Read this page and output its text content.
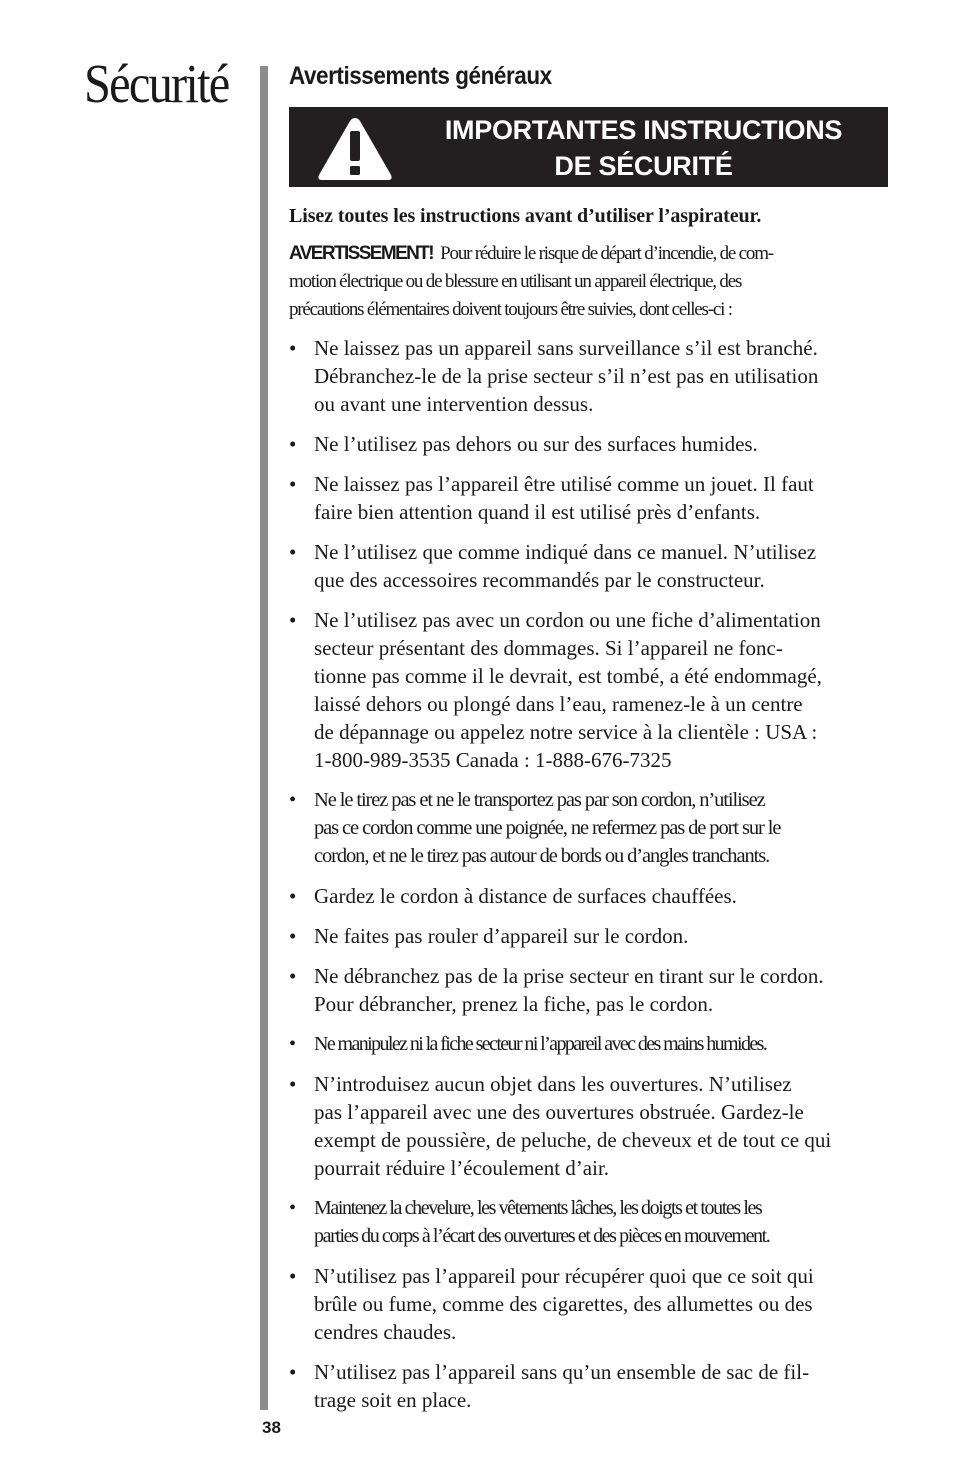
Sécurité Avertissements généraux
IMPORTANTES INSTRUCTIONS
DE SÉCURITÉ

Lisez toutes les instructions avant d’utiliser l’aspirateur.

AVERTISSEMENT! Pour réduire le risque de départ d’incendie, de com-
motion électrique ou de blessure en utilisant un appareil électrique, des
précautions élémentaires doivent toujours être suivies, dont celles-ci :

• Ne laissez pas un appareil sans surveillance s’il est branché.
Débranchez-le de la prise secteur s’il n’est pas en utilisation
ou avant une intervention dessus.
• Ne l’utilisez pas dehors ou sur des surfaces humides.
• Ne laissez pas l’appareil être utilisé comme un jouet. Il faut
faire bien attention quand il est utilisé près d’enfants.
• Ne l’utilisez que comme indiqué dans ce manuel. N’utilisez
que des accessoires recommandés par le constructeur.
• Ne l’utilisez pas avec un cordon ou une fiche d’alimentation
secteur présentant des dommages. Si l’appareil ne fonc-
tionne pas comme il le devrait, est tombé, a été endommagé,
laissé dehors ou plongé dans l’eau, ramenez-le à un centre
de dépannage ou appelez notre service à la clientèle : USA :
1-800-989-3535 Canada : 1-888-676-7325
• Ne le tirez pas et ne le transportez pas par son cordon, n’utilisez
pas ce cordon comme une poignée, ne refermez pas de port sur le
cordon, et ne le tirez pas autour de bords ou d’angles tranchants.
• Gardez le cordon à distance de surfaces chauffées.
• Ne faites pas rouler d’appareil sur le cordon.
• Ne débranchez pas de la prise secteur en tirant sur le cordon.
Pour débrancher, prenez la fiche, pas le cordon.
• Ne manipulez ni la fiche secteur ni l’appareil avec des mains humides.
• N’introduisez aucun objet dans les ouvertures. N’utilisez
pas l’appareil avec une des ouvertures obstruée. Gardez-le
exempt de poussière, de peluche, de cheveux et de tout ce qui
pourrait réduire l’écoulement d’air.
• Maintenez la chevelure, les vêtements lâches, les doigts et toutes les
parties du corps à l’écart des ouvertures et des pièces en mouvement.
• N’utilisez pas l’appareil pour récupérer quoi que ce soit qui
brûle ou fume, comme des cigarettes, des allumettes ou des
cendres chaudes.
• N’utilisez pas l’appareil sans qu’un ensemble de sac de fil-
trage soit en place.
38
